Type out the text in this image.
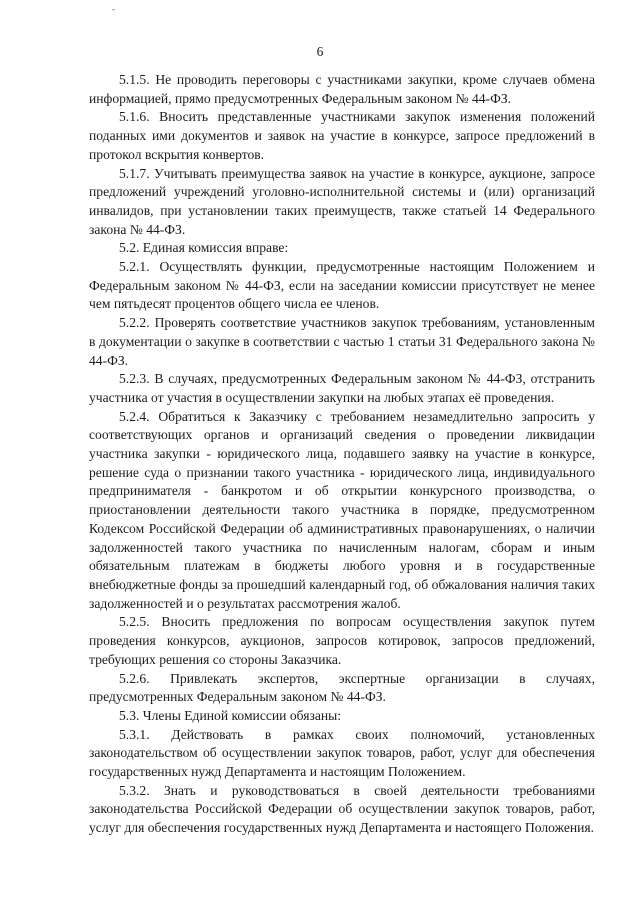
-
6

5.1.5. Не проводить переговоры с участниками закупки, кроме случаев обмена информацией, прямо предусмотренных Федеральным законом № 44-ФЗ.

5.1.6. Вносить представленные участниками закупок изменения положений поданных ими документов и заявок на участие в конкурсе, запросе предложений в протокол вскрытия конвертов.

5.1.7. Учитывать преимущества заявок на участие в конкурсе, аукционе, запросе предложений учреждений уголовно-исполнительной системы и (или) организаций инвалидов, при установлении таких преимуществ, также статьей 14 Федерального закона № 44-ФЗ.

5.2. Единая комиссия вправе:

5.2.1. Осуществлять функции, предусмотренные настоящим Положением и Федеральным законом № 44-ФЗ, если на заседании комиссии присутствует не менее чем пятьдесят процентов общего числа ее членов.

5.2.2. Проверять соответствие участников закупок требованиям, установленным в документации о закупке в соответствии с частью 1 статьи 31 Федерального закона № 44-ФЗ.

5.2.3. В случаях, предусмотренных Федеральным законом № 44-ФЗ, отстранить участника от участия в осуществлении закупки на любых этапах её проведения.

5.2.4. Обратиться к Заказчику с требованием незамедлительно запросить у соответствующих органов и организаций сведения о проведении ликвидации участника закупки - юридического лица, подавшего заявку на участие в конкурсе, решение суда о признании такого участника - юридического лица, индивидуального предпринимателя - банкротом и об открытии конкурсного производства, о приостановлении деятельности такого участника в порядке, предусмотренном Кодексом Российской Федерации об административных правонарушениях, о наличии задолженностей такого участника по начисленным налогам, сборам и иным обязательным платежам в бюджеты любого уровня и в государственные внебюджетные фонды за прошедший календарный год, об обжалования наличия таких задолженностей и о результатах рассмотрения жалоб.

5.2.5. Вносить предложения по вопросам осуществления закупок путем проведения конкурсов, аукционов, запросов котировок, запросов предложений, требующих решения со стороны Заказчика.

5.2.6. Привлекать экспертов, экспертные организации в случаях, предусмотренных Федеральным законом № 44-ФЗ.

5.3. Члены Единой комиссии обязаны:

5.3.1. Действовать в рамках своих полномочий, установленных законодательством об осуществлении закупок товаров, работ, услуг для обеспечения государственных нужд Департамента и настоящим Положением.

5.3.2. Знать и руководствоваться в своей деятельности требованиями законодательства Российской Федерации об осуществлении закупок товаров, работ, услуг для обеспечения государственных нужд Департамента и настоящего Положения.
